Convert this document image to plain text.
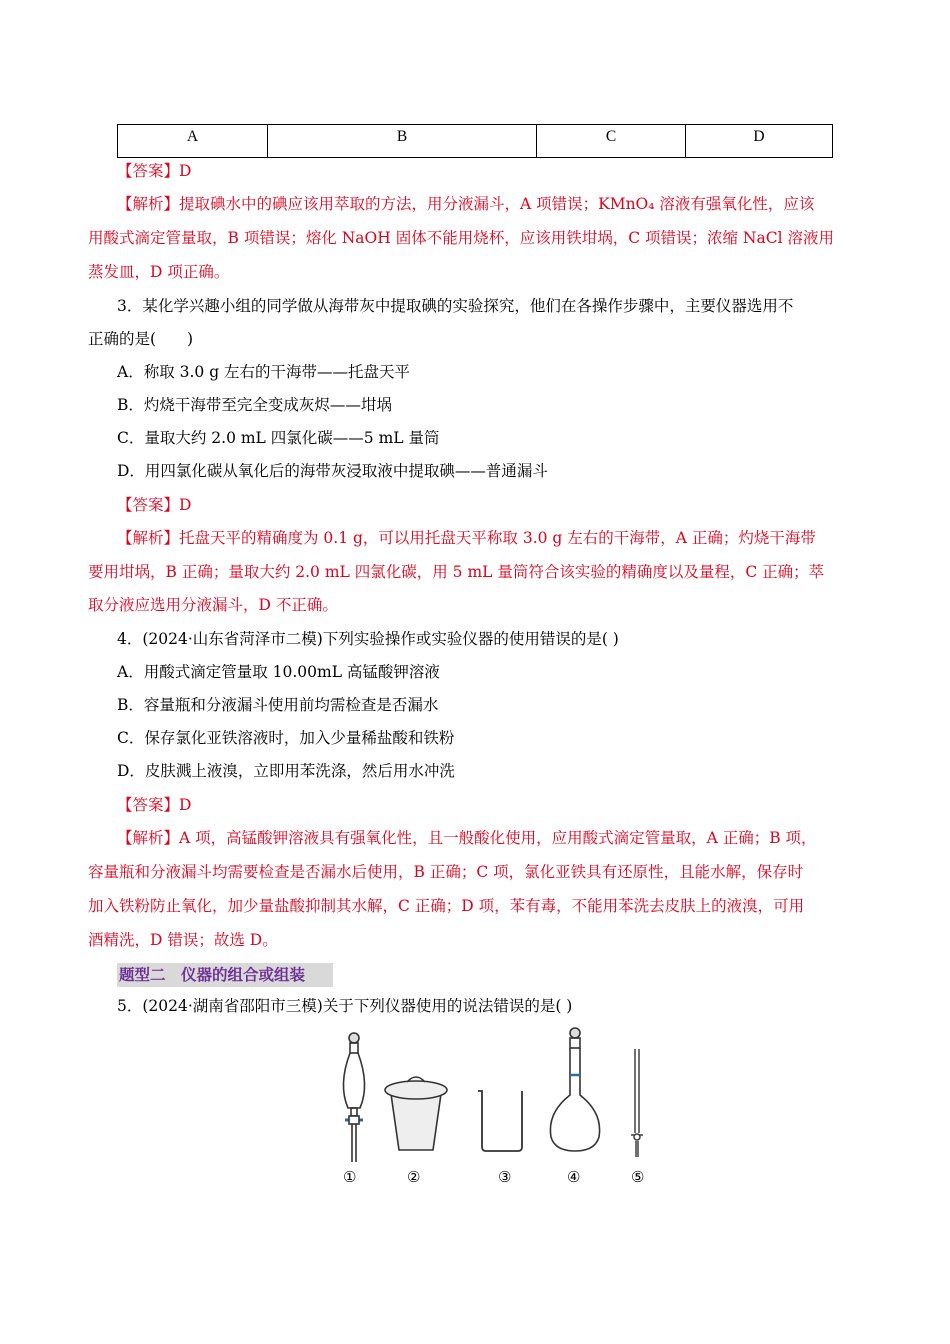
A	B	C	D
【答案】D
【解析】提取碘水中的碘应该用萃取的方法，用分液漏斗，A 项错误；KMnO₄ 溶液有强氧化性，应该
用酸式滴定管量取，B 项错误；熔化 NaOH 固体不能用烧杯，应该用铁坩埚，C 项错误；浓缩 NaCl 溶液用
蒸发皿，D 项正确。
3．某化学兴趣小组的同学做从海带灰中提取碘的实验探究，他们在各操作步骤中，主要仪器选用不
正确的是(　　)
A．称取 3.0 g 左右的干海带——托盘天平
B．灼烧干海带至完全变成灰烬——坩埚
C．量取大约 2.0 mL 四氯化碳——5 mL 量筒
D．用四氯化碳从氧化后的海带灰浸取液中提取碘——普通漏斗
【答案】D
【解析】托盘天平的精确度为 0.1 g，可以用托盘天平称取 3.0 g 左右的干海带，A 正确；灼烧干海带
要用坩埚，B 正确；量取大约 2.0 mL 四氯化碳，用 5 mL 量筒符合该实验的精确度以及量程，C 正确；萃
取分液应选用分液漏斗，D 不正确。
4．(2024·山东省菏泽市二模)下列实验操作或实验仪器的使用错误的是( )
A．用酸式滴定管量取 10.00mL 高锰酸钾溶液
B．容量瓶和分液漏斗使用前均需检查是否漏水
C．保存氯化亚铁溶液时，加入少量稀盐酸和铁粉
D．皮肤溅上液溴，立即用苯洗涤，然后用水冲洗
【答案】D
【解析】A 项，高锰酸钾溶液具有强氧化性，且一般酸化使用，应用酸式滴定管量取，A 正确；B 项，
容量瓶和分液漏斗均需要检查是否漏水后使用，B 正确；C 项，氯化亚铁具有还原性，且能水解，保存时
加入铁粉防止氧化，加少量盐酸抑制其水解，C 正确；D 项，苯有毒，不能用苯洗去皮肤上的液溴，可用
酒精洗，D 错误；故选 D。
题型二　仪器的组合或组装
5．(2024·湖南省邵阳市三模)关于下列仪器使用的说法错误的是( )
①	②	③	④	⑤
